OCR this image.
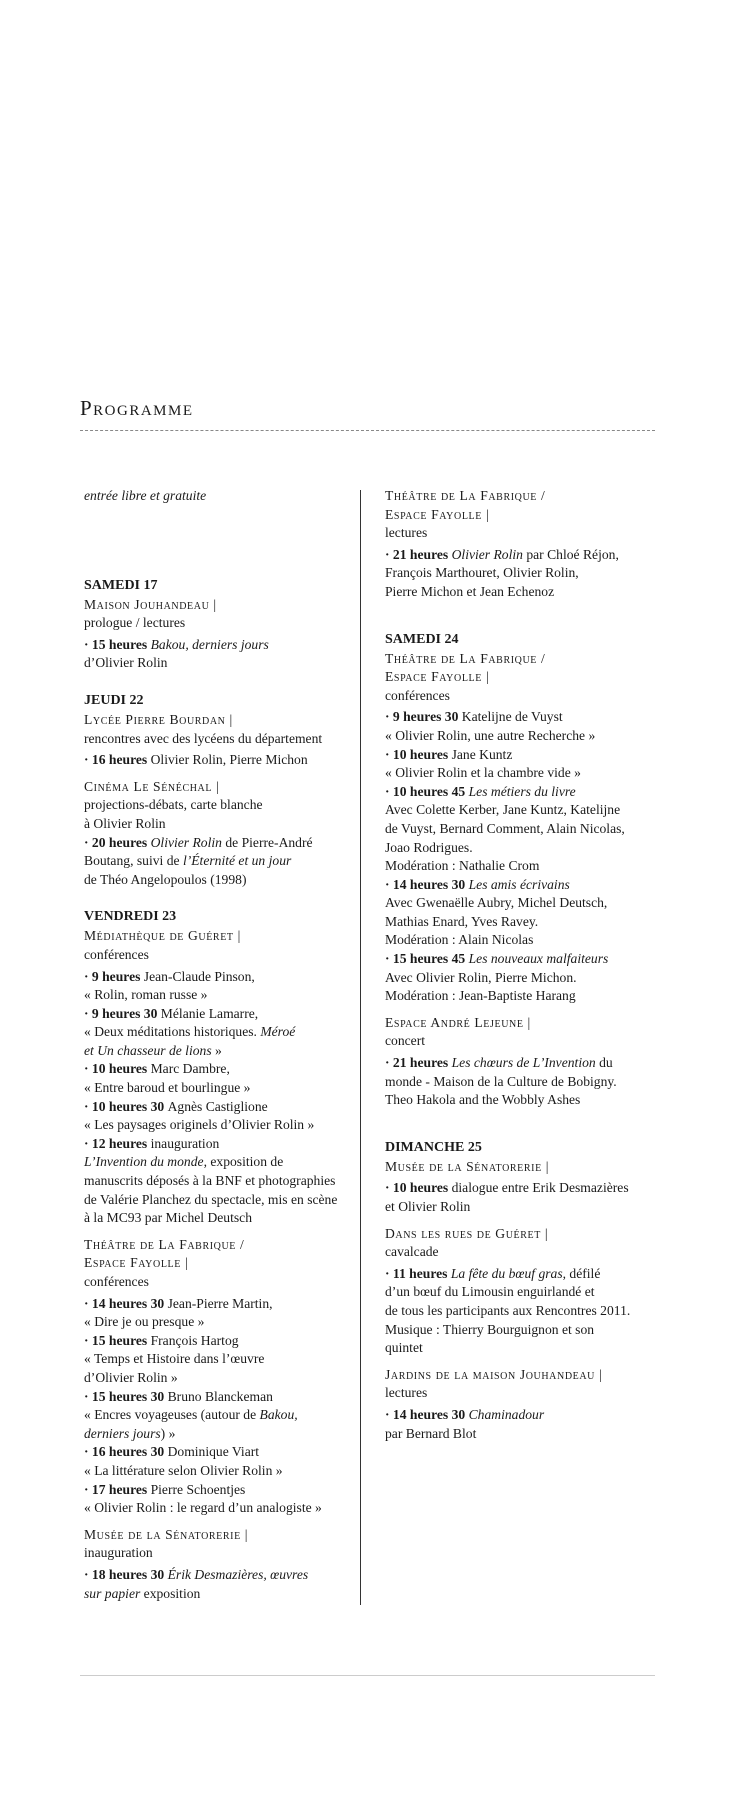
Programme
entrée libre et gratuite
SAMEDI 17
Maison Jouhandeau |
prologue / lectures
· 15 heures Bakou, derniers jours
d’Olivier Rolin
JEUDI 22
Lycée Pierre Bourdan |
rencontres avec des lycéens du département
· 16 heures Olivier Rolin, Pierre Michon
Cinéma Le Sénéchal |
projections-débats, carte blanche
à Olivier Rolin
· 20 heures Olivier Rolin de Pierre-André
Boutang, suivi de l’Éternité et un jour
de Théo Angelopoulos (1998)
VENDREDI 23
Médiathèque de Guéret |
conférences
· 9 heures Jean-Claude Pinson,
« Rolin, roman russe »
· 9 heures 30 Mélanie Lamarre,
« Deux méditations historiques. Méroé
et Un chasseur de lions »
· 10 heures Marc Dambre,
« Entre baroud et bourlingue »
· 10 heures 30 Agnès Castiglione
« Les paysages originels d’Olivier Rolin »
· 12 heures inauguration
L’Invention du monde, exposition de
manuscrits déposés à la BNF et photographies
de Valérie Planchez du spectacle, mis en scène
à la MC93 par Michel Deutsch
Théâtre de La Fabrique /
Espace Fayolle |
conférences
· 14 heures 30 Jean-Pierre Martin,
« Dire je ou presque »
· 15 heures François Hartog
« Temps et Histoire dans l’œuvre
d’Olivier Rolin »
· 15 heures 30 Bruno Blanckeman
« Encres voyageuses (autour de Bakou,
derniers jours) »
· 16 heures 30 Dominique Viart
« La littérature selon Olivier Rolin »
· 17 heures Pierre Schoentjes
« Olivier Rolin : le regard d’un analogiste »
Musée de la Sénatorerie |
inauguration
· 18 heures 30 Érik Desmazières, œuvres
sur papier exposition
Théâtre de La Fabrique /
Espace Fayolle |
lectures
· 21 heures Olivier Rolin par Chloé Réjon,
François Marthouret, Olivier Rolin,
Pierre Michon et Jean Echenoz
SAMEDI 24
Théâtre de La Fabrique /
Espace Fayolle |
conférences
· 9 heures 30 Katelijne de Vuyst
« Olivier Rolin, une autre Recherche »
· 10 heures Jane Kuntz
« Olivier Rolin et la chambre vide »
· 10 heures 45 Les métiers du livre
Avec Colette Kerber, Jane Kuntz, Katelijne
de Vuyst, Bernard Comment, Alain Nicolas,
Joao Rodrigues.
Modération : Nathalie Crom
· 14 heures 30 Les amis écrivains
Avec Gwenaëlle Aubry, Michel Deutsch,
Mathias Enard, Yves Ravey.
Modération : Alain Nicolas
· 15 heures 45 Les nouveaux malfaiteurs
Avec Olivier Rolin, Pierre Michon.
Modération : Jean-Baptiste Harang
Espace André Lejeune |
concert
· 21 heures Les chœurs de L’Invention du
monde - Maison de la Culture de Bobigny.
Theo Hakola and the Wobbly Ashes
DIMANCHE 25
Musée de la Sénatorerie |
· 10 heures dialogue entre Erik Desmazières
et Olivier Rolin
Dans les rues de Guéret |
cavalcade
· 11 heures La fête du bœuf gras, défilé
d’un bœuf du Limousin enguirlandé et
de tous les participants aux Rencontres 2011.
Musique : Thierry Bourguignon et son
quintet
Jardins de la maison Jouhandeau |
lectures
· 14 heures 30 Chaminadour
par Bernard Blot
